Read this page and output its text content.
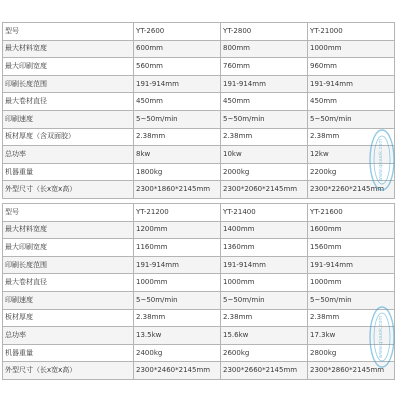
型号	YT-2600	YT-2800	YT-21000
最大材料宽度	600mm	800mm	1000mm
最大印刷宽度	560mm	760mm	960mm
印刷长度范围	191-914mm	191-914mm	191-914mm
最大卷材直径	450mm	450mm	450mm
印刷速度	5~50m/min	5~50m/min	5~50m/min
板材厚度（含双面胶）	2.38mm	2.38mm	2.38mm
总功率	8kw	10kw	12kw
机器重量	1800kg	2000kg	2200kg
外型尺寸（长x宽x高）	2300*1860*2145mm	2300*2060*2145mm	2300*2260*2145mm
型号	YT-21200	YT-21400	YT-21600
最大材料宽度	1200mm	1400mm	1600mm
最大印刷宽度	1160mm	1360mm	1560mm
印刷长度范围	191-914mm	191-914mm	191-914mm
最大卷材直径	1000mm	1000mm	1000mm
印刷速度	5~50m/min	5~50m/min	5~50m/min
板材厚度	2.38mm	2.38mm	2.38mm
总功率	13.5kw	15.6kw	17.3kw
机器重量	2400kg	2600kg	2800kg
外型尺寸（长x宽x高）	2300*2460*2145mm	2300*2660*2145mm	2300*2860*2145mm
www.qiuuok.com
www.qiuuok.com
